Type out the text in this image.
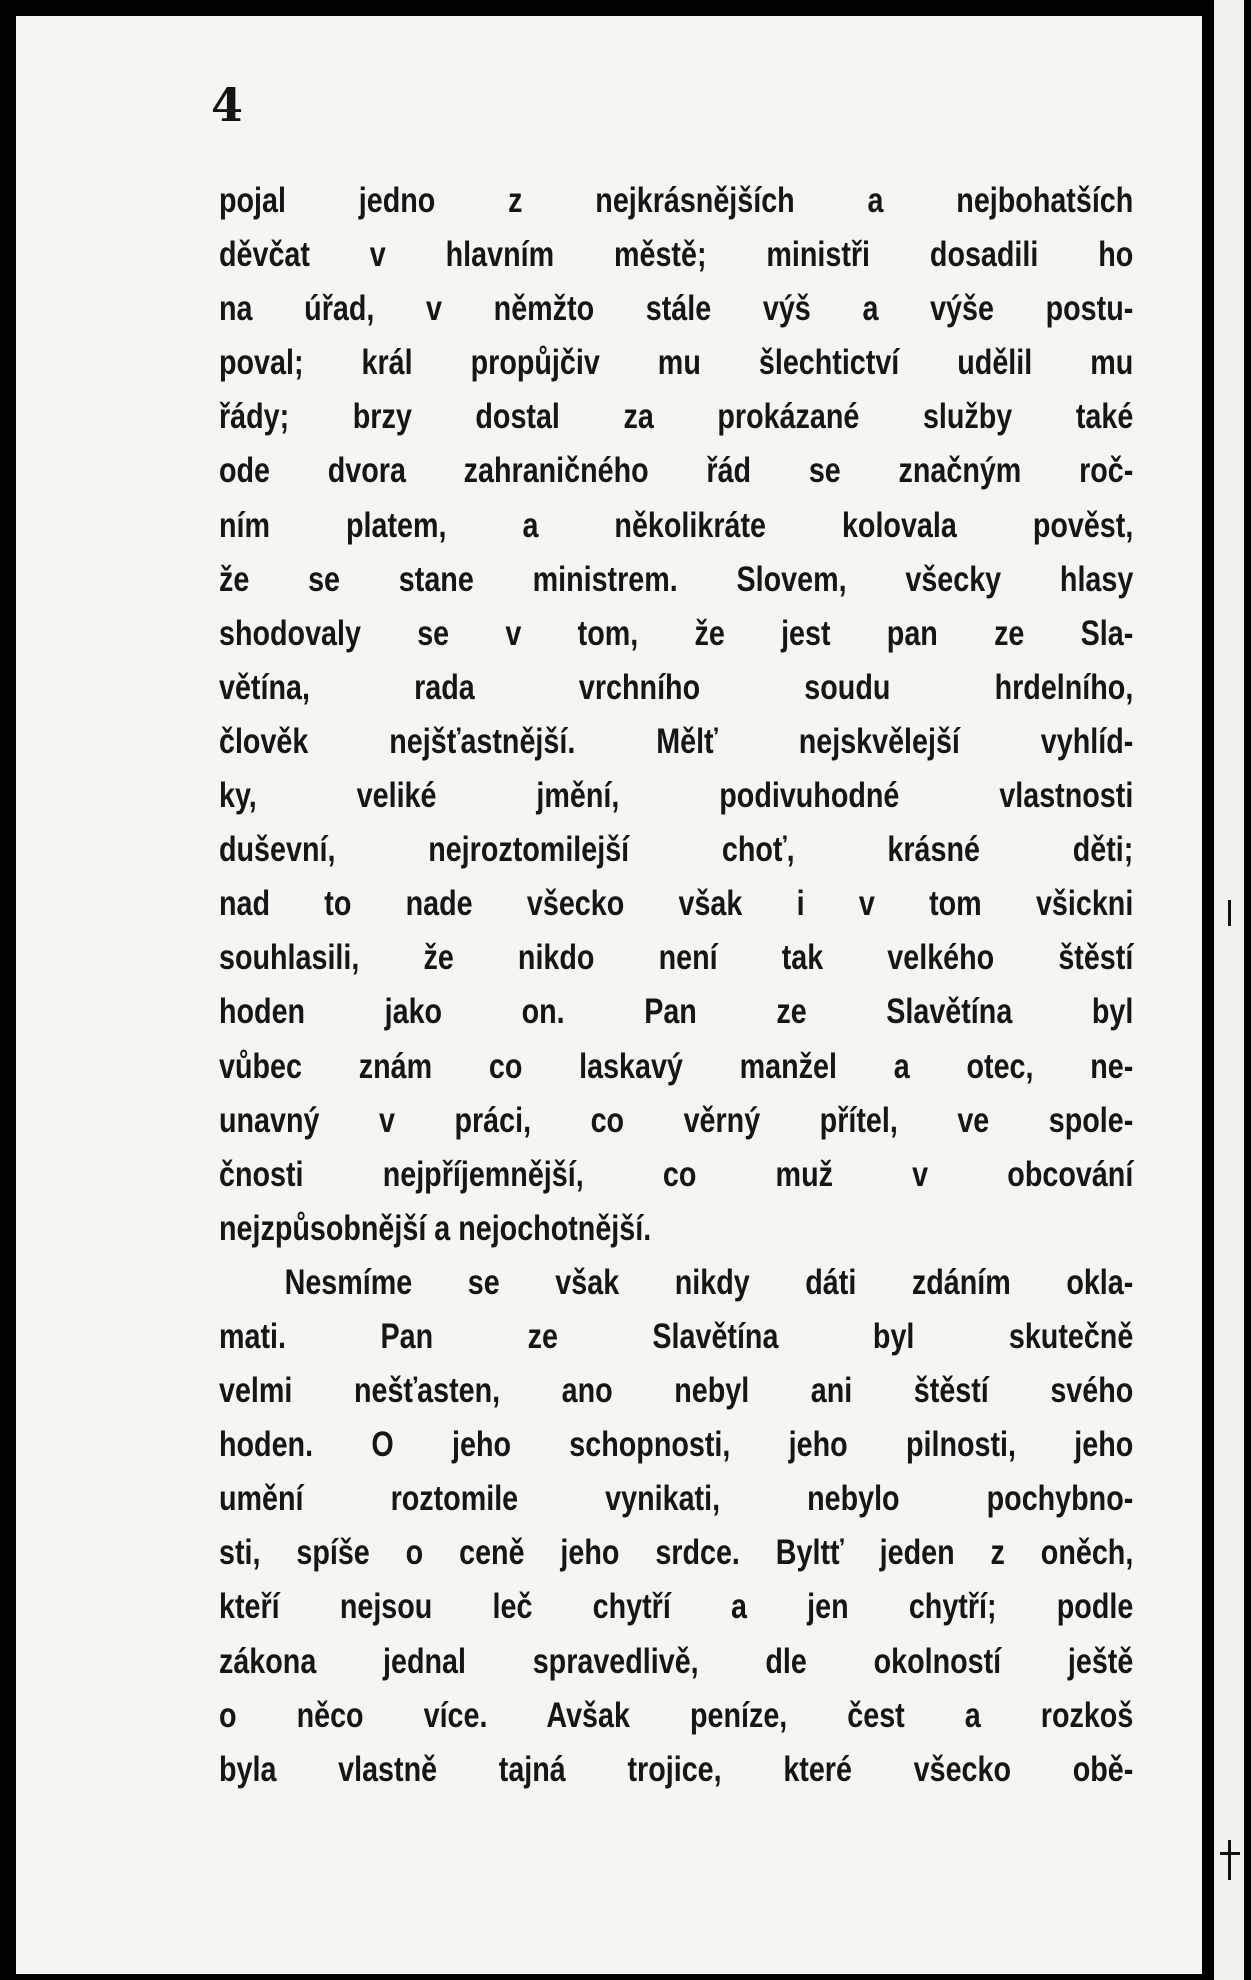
4
pojal jedno z nejkrásnějších a nejbohatších
děvčat v hlavním městě; ministři dosadili ho
na úřad, v němžto stále výš a výše postu-
poval; král propůjčiv mu šlechtictví udělil mu
řády; brzy dostal za prokázané služby také
ode dvora zahraničného řád se značným roč-
ním platem, a několikráte kolovala pověst,
že se stane ministrem. Slovem, všecky hlasy
shodovaly se v tom, že jest pan ze Sla-
větína, rada vrchního soudu hrdelního,
člověk nejšťastnější. Mělť nejskvělejší vyhlíd-
ky, veliké jmění, podivuhodné vlastnosti
duševní, nejroztomilejší choť, krásné děti;
nad to nade všecko však i v tom všickni
souhlasili, že nikdo není tak velkého štěstí
hoden jako on. Pan ze Slavětína byl
vůbec znám co laskavý manžel a otec, ne-
unavný v práci, co věrný přítel, ve spole-
čnosti nejpříjemnější, co muž v obcování
nejzpůsobnější a nejochotnější.
Nesmíme se však nikdy dáti zdáním okla-
mati. Pan ze Slavětína byl skutečně
velmi nešťasten, ano nebyl ani štěstí svého
hoden. O jeho schopnosti, jeho pilnosti, jeho
umění roztomile vynikati, nebylo pochybno-
sti, spíše o ceně jeho srdce. Byltť jeden z oněch,
kteří nejsou leč chytří a jen chytří; podle
zákona jednal spravedlivě, dle okolností ještě
o něco více. Avšak peníze, čest a rozkoš
byla vlastně tajná trojice, které všecko obě-
